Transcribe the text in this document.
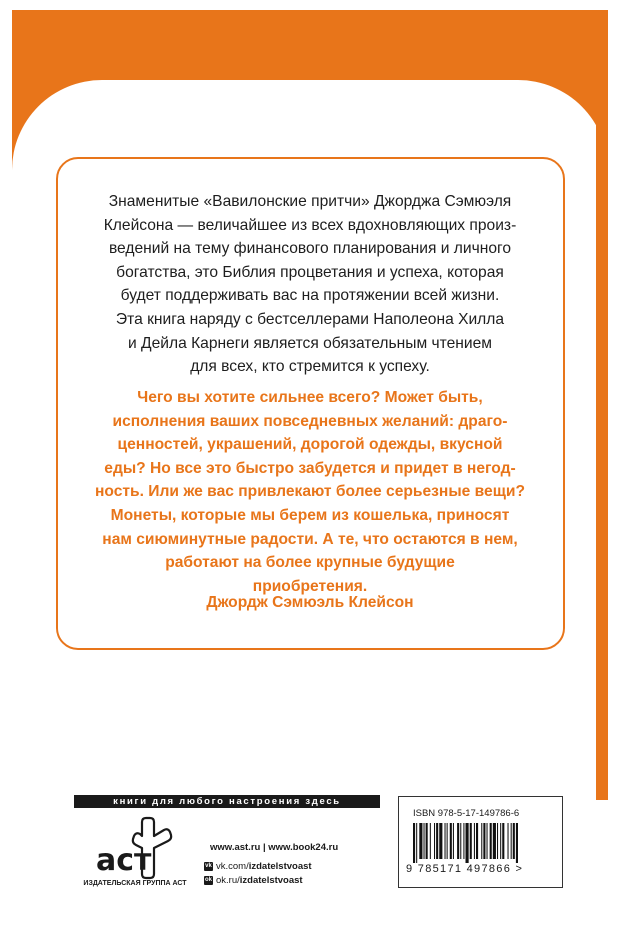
Знаменитые «Вавилонские притчи» Джорджа Сэмюэля
Клейсона — величайшее из всех вдохновляющих произ-
ведений на тему финансового планирования и личного
богатства, это Библия процветания и успеха, которая
будет поддерживать вас на протяжении всей жизни.
Эта книга наряду с бестселлерами Наполеона Хилла
и Дейла Карнеги является обязательным чтением
для всех, кто стремится к успеху.
Чего вы хотите сильнее всего? Может быть,
исполнения ваших повседневных желаний: драго-
ценностей, украшений, дорогой одежды, вкусной
еды? Но все это быстро забудется и придет в негод-
ность. Или же вас привлекают более серьезные вещи?
Монеты, которые мы берем из кошелька, приносят
нам сиюминутные радости. А те, что остаются в нем,
работают на более крупные будущие
приобретения.
Джордж Сэмюэль Клейсон
книги для любого настроения здесь
аст
ИЗДАТЕЛЬСКАЯ ГРУППА АСТ
www.ast.ru | www.book24.ru
vk vk.com/ izdatelstvoast
ok ok.ru/ izdatelstvoast
ISBN 978-5-17-149786-6
9 785171 497866 >
